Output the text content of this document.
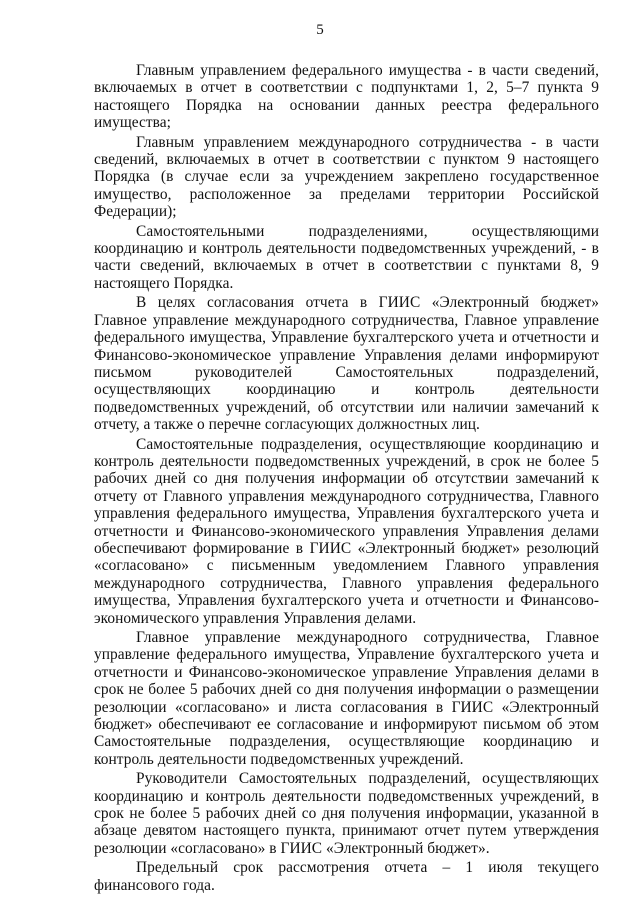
5

Главным управлением федерального имущества - в части сведений, включаемых в отчет в соответствии с подпунктами 1, 2, 5–7 пункта 9 настоящего Порядка на основании данных реестра федерального имущества;

Главным управлением международного сотрудничества - в части сведений, включаемых в отчет в соответствии с пунктом 9 настоящего Порядка (в случае если за учреждением закреплено государственное имущество, расположенное за пределами территории Российской Федерации);

Самостоятельными подразделениями, осуществляющими координацию и контроль деятельности подведомственных учреждений, - в части сведений, включаемых в отчет в соответствии с пунктами 8, 9 настоящего Порядка.

В целях согласования отчета в ГИИС «Электронный бюджет» Главное управление международного сотрудничества, Главное управление федерального имущества, Управление бухгалтерского учета и отчетности и Финансово-экономическое управление Управления делами информируют письмом руководителей Самостоятельных подразделений, осуществляющих координацию и контроль деятельности подведомственных учреждений, об отсутствии или наличии замечаний к отчету, а также о перечне согласующих должностных лиц.

Самостоятельные подразделения, осуществляющие координацию и контроль деятельности подведомственных учреждений, в срок не более 5 рабочих дней со дня получения информации об отсутствии замечаний к отчету от Главного управления международного сотрудничества, Главного управления федерального имущества, Управления бухгалтерского учета и отчетности и Финансово-экономического управления Управления делами обеспечивают формирование в ГИИС «Электронный бюджет» резолюций «согласовано» с письменным уведомлением Главного управления международного сотрудничества, Главного управления федерального имущества, Управления бухгалтерского учета и отчетности и Финансово-экономического управления Управления делами.

Главное управление международного сотрудничества, Главное управление федерального имущества, Управление бухгалтерского учета и отчетности и Финансово-экономическое управление Управления делами в срок не более 5 рабочих дней со дня получения информации о размещении резолюции «согласовано» и листа согласования в ГИИС «Электронный бюджет» обеспечивают ее согласование и информируют письмом об этом Самостоятельные подразделения, осуществляющие координацию и контроль деятельности подведомственных учреждений.

Руководители Самостоятельных подразделений, осуществляющих координацию и контроль деятельности подведомственных учреждений, в срок не более 5 рабочих дней со дня получения информации, указанной в абзаце девятом настоящего пункта, принимают отчет путем утверждения резолюции «согласовано» в ГИИС «Электронный бюджет».

Предельный срок рассмотрения отчета – 1 июля текущего финансового года.
